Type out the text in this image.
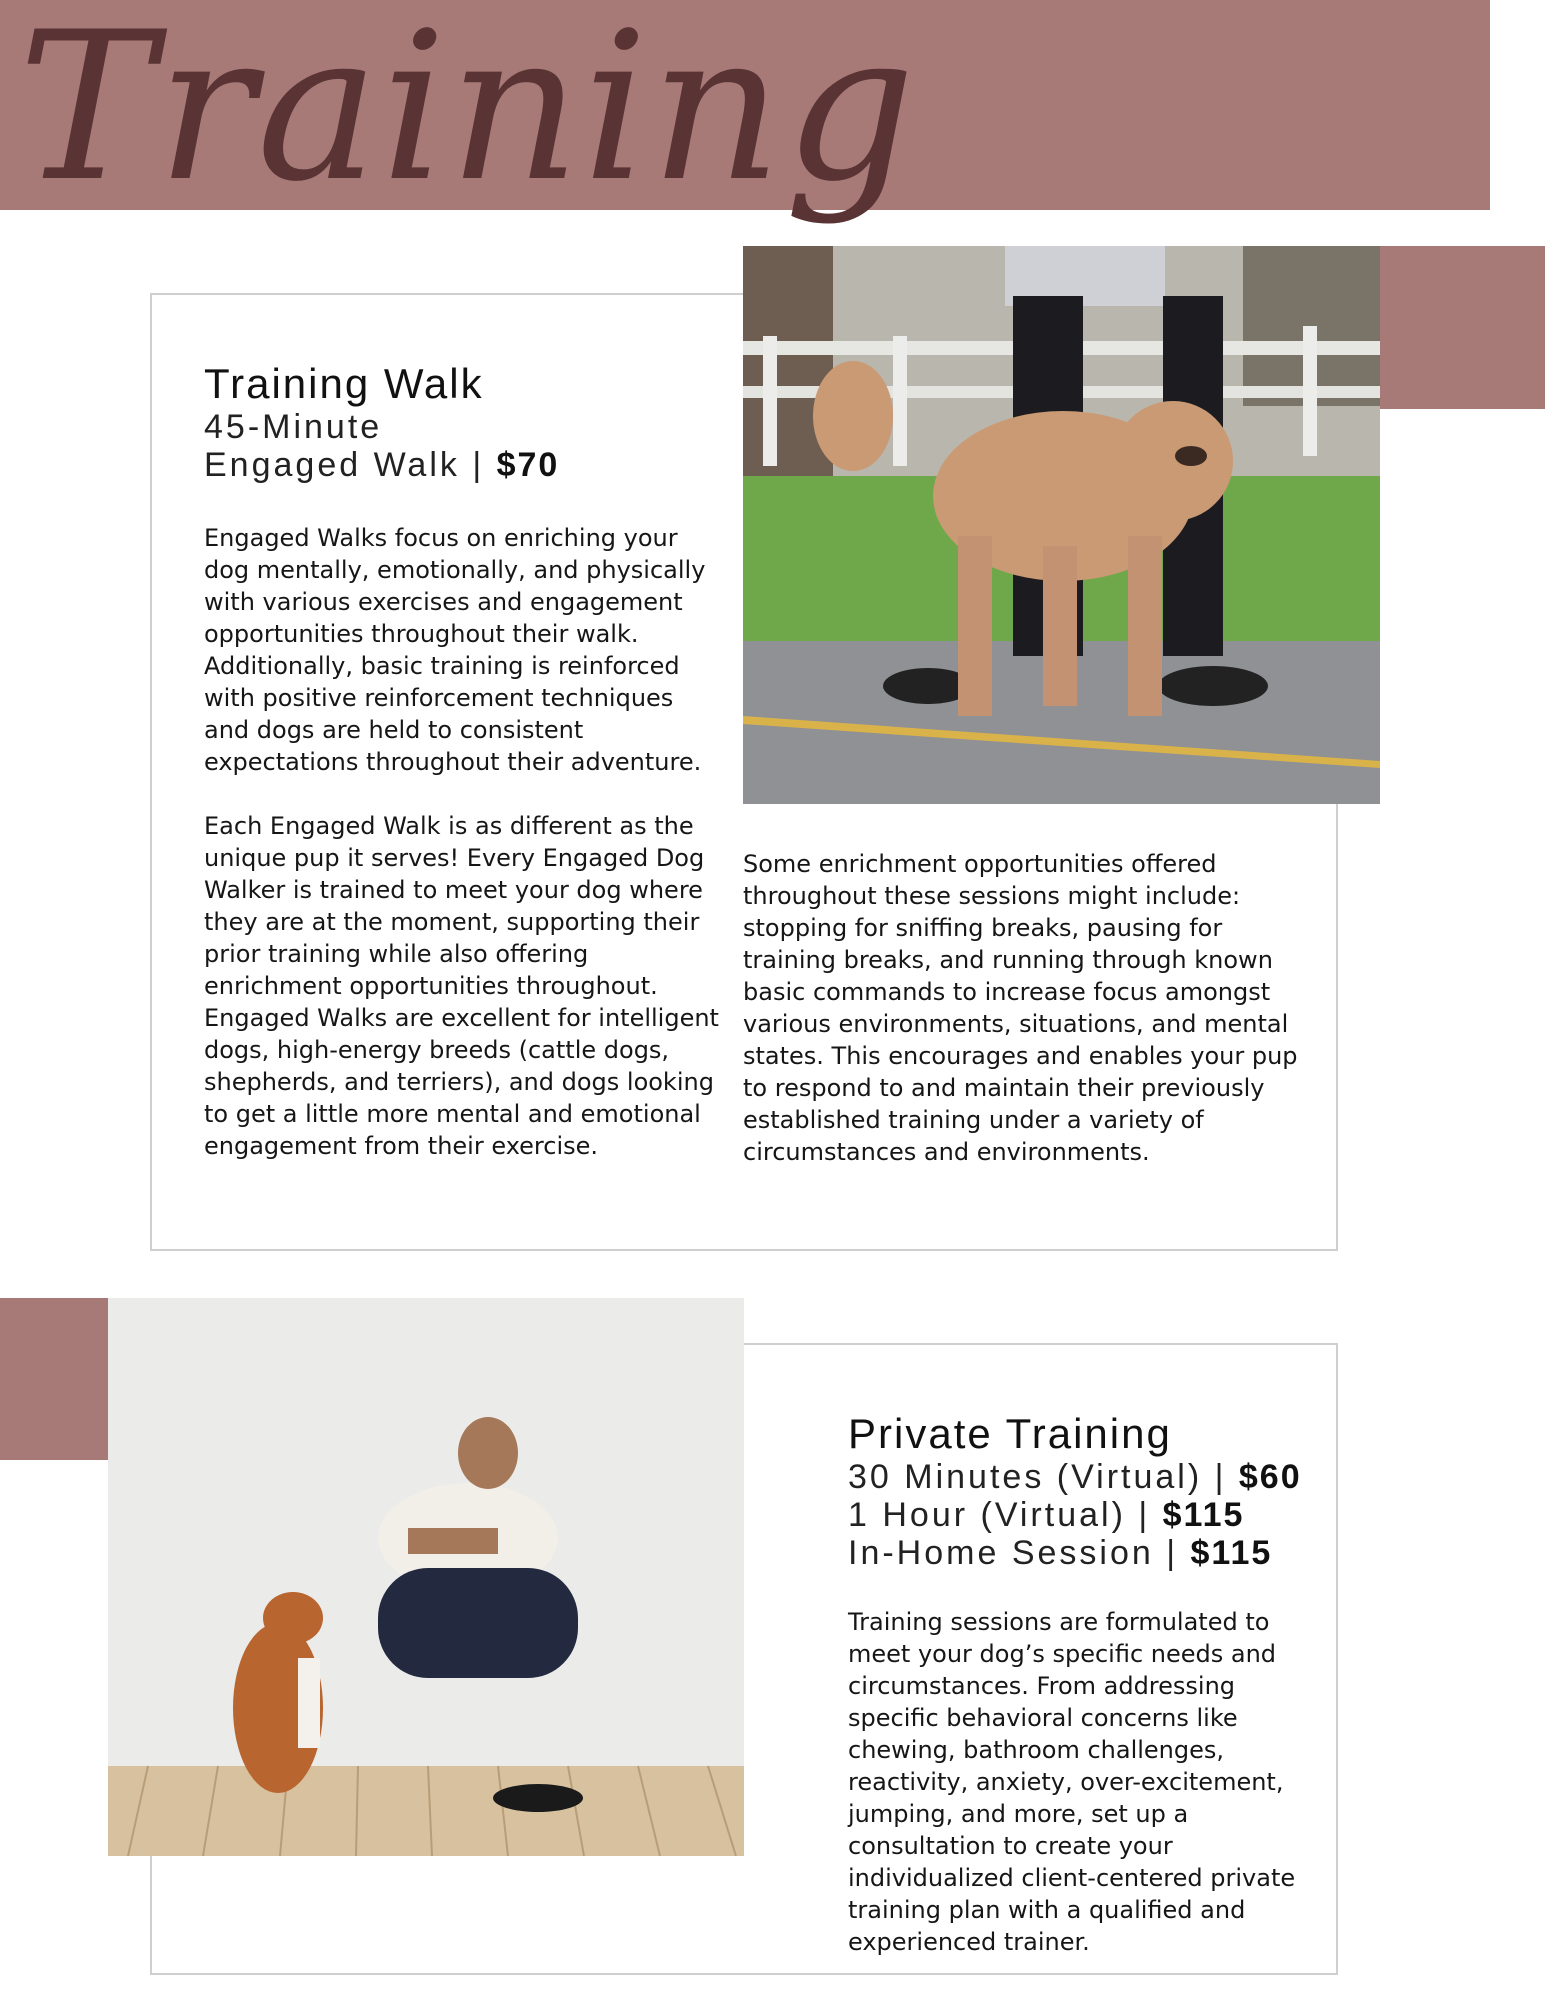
Training
Training Walk
45-Minute
Engaged Walk | $70

Engaged Walks focus on enriching your dog mentally, emotionally, and physically with various exercises and engagement opportunities throughout their walk. Additionally, basic training is reinforced with positive reinforcement techniques and dogs are held to consistent expectations throughout their adventure.

Each Engaged Walk is as different as the unique pup it serves! Every Engaged Dog Walker is trained to meet your dog where they are at the moment, supporting their prior training while also offering enrichment opportunities throughout. Engaged Walks are excellent for intelligent dogs, high-energy breeds (cattle dogs, shepherds, and terriers), and dogs looking to get a little more mental and emotional engagement from their exercise.

Some enrichment opportunities offered throughout these sessions might include: stopping for sniffing breaks, pausing for training breaks, and running through known basic commands to increase focus amongst various environments, situations, and mental states. This encourages and enables your pup to respond to and maintain their previously established training under a variety of circumstances and environments.

Private Training
30 Minutes (Virtual) | $60
1 Hour (Virtual) | $115
In-Home Session | $115

Training sessions are formulated to meet your dog’s specific needs and circumstances. From addressing specific behavioral concerns like chewing, bathroom challenges, reactivity, anxiety, over-excitement, jumping, and more, set up a consultation to create your individualized client-centered private training plan with a qualified and experienced trainer.
